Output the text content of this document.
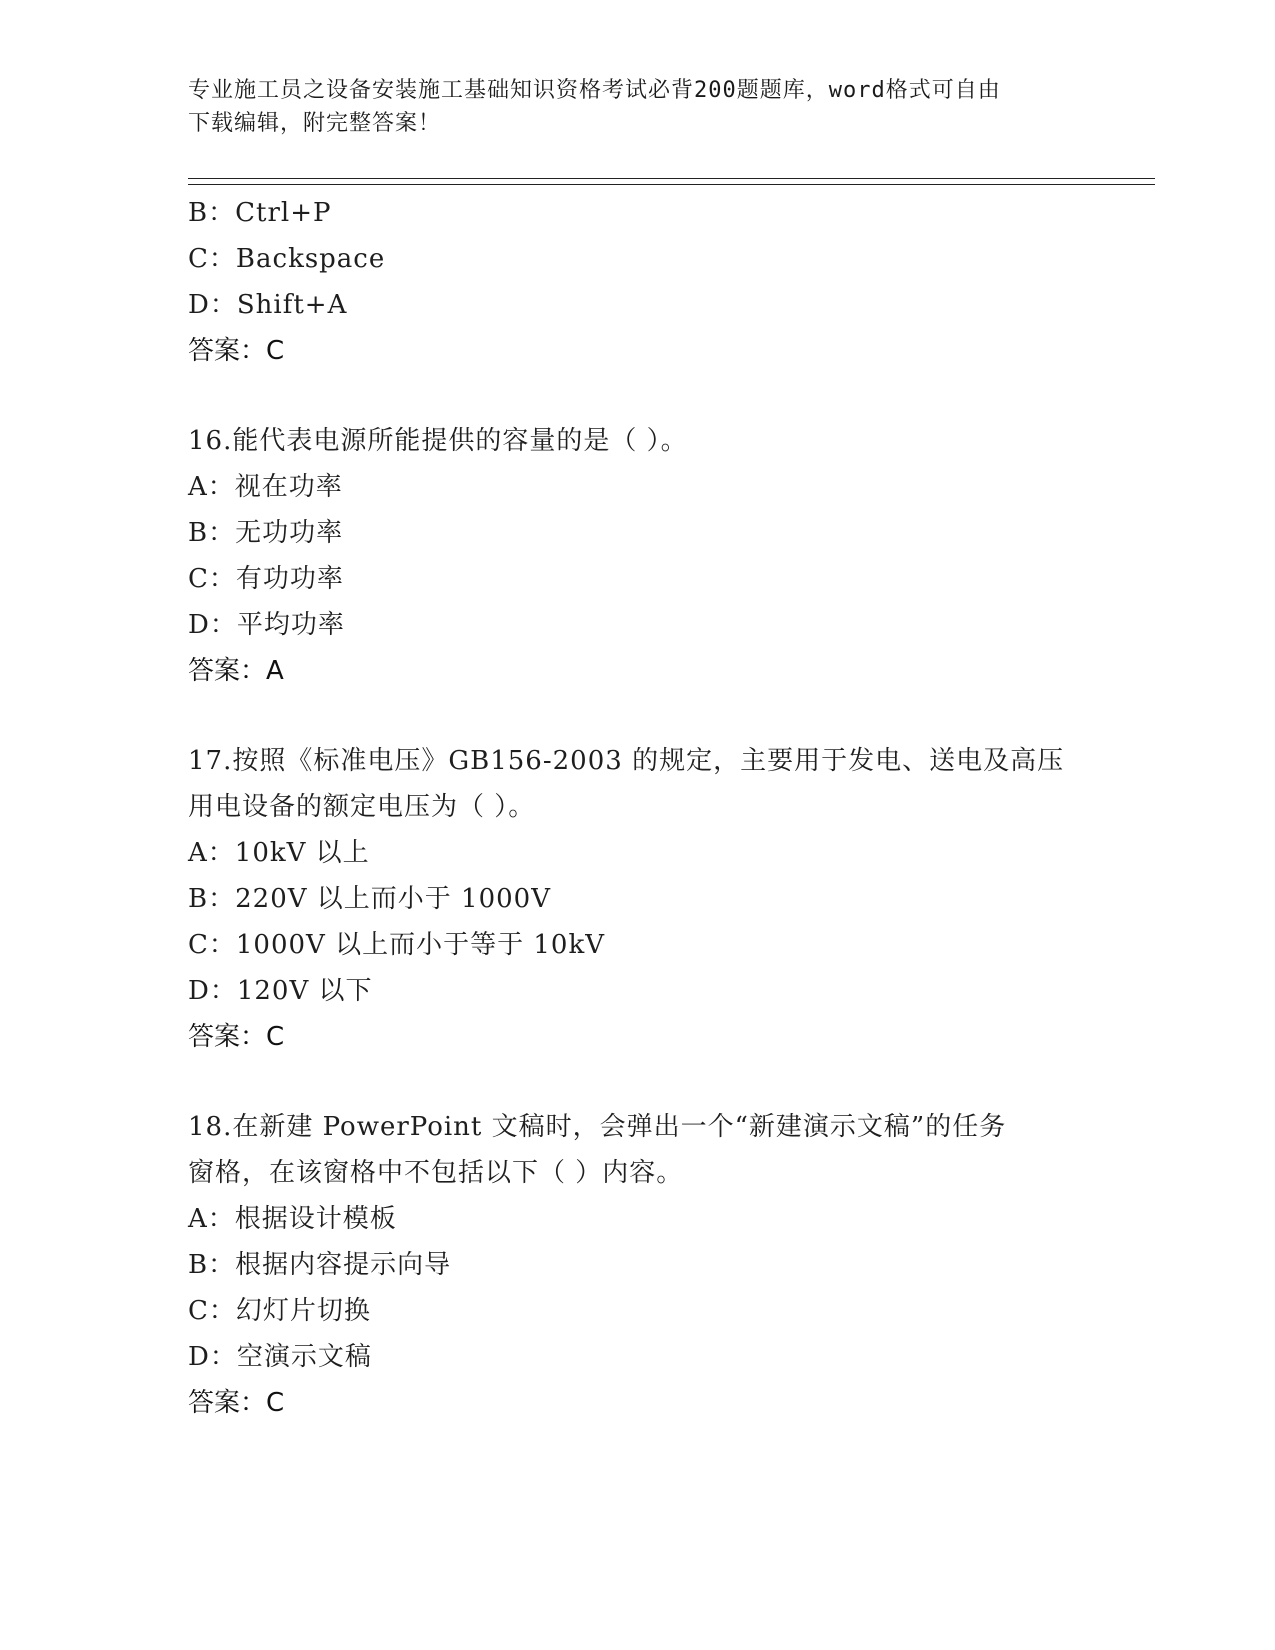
专业施工员之设备安装施工基础知识资格考试必背200题题库，word格式可自由
下载编辑，附完整答案！
B：Ctrl+P
C：Backspace
D：Shift+A
答案：C
16.能代表电源所能提供的容量的是（ ）。
A：视在功率
B：无功功率
C：有功功率
D：平均功率
答案：A
17.按照《标准电压》GB156-2003 的规定，主要用于发电、送电及高压
用电设备的额定电压为（ ）。
A：10kV 以上
B：220V 以上而小于 1000V
C：1000V 以上而小于等于 10kV
D：120V 以下
答案：C
18.在新建 PowerPoint 文稿时，会弹出一个“新建演示文稿”的任务
窗格，在该窗格中不包括以下（ ）内容。
A：根据设计模板
B：根据内容提示向导
C：幻灯片切换
D：空演示文稿
答案：C
